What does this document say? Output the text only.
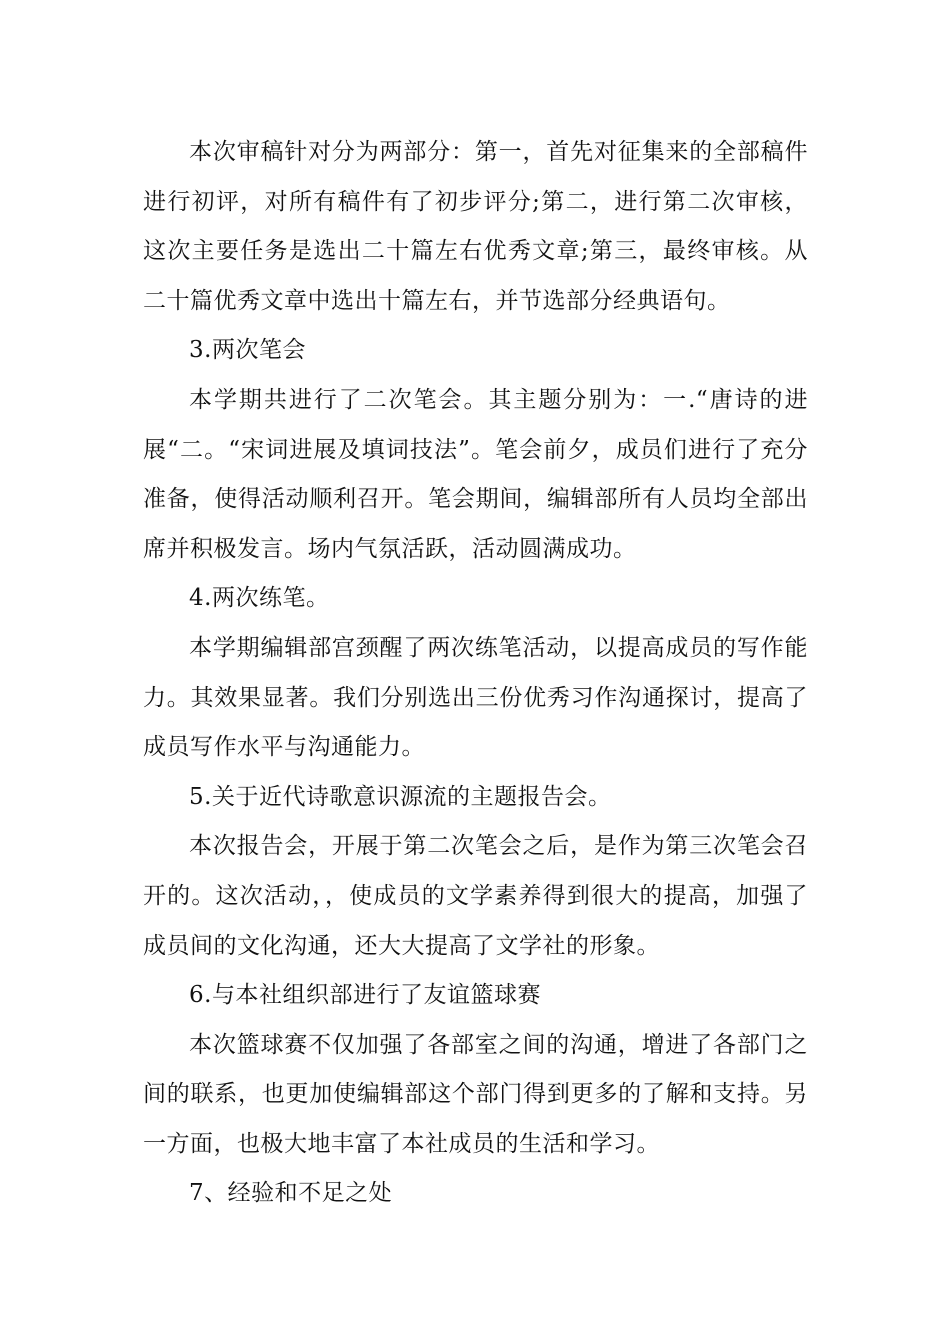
本次审稿针对分为两部分：第一，首先对征集来的全部稿件进行初评，对所有稿件有了初步评分;第二，进行第二次审核，这次主要任务是选出二十篇左右优秀文章;第三，最终审核。从二十篇优秀文章中选出十篇左右，并节选部分经典语句。

3.两次笔会

本学期共进行了二次笔会。其主题分别为：一.“唐诗的进展“二。“宋词进展及填词技法”。笔会前夕，成员们进行了充分准备，使得活动顺利召开。笔会期间，编辑部所有人员均全部出席并积极发言。场内气氛活跃，活动圆满成功。

4.两次练笔。

本学期编辑部宫颈醒了两次练笔活动，以提高成员的写作能力。其效果显著。我们分别选出三份优秀习作沟通探讨，提高了成员写作水平与沟通能力。

5.关于近代诗歌意识源流的主题报告会。

本次报告会，开展于第二次笔会之后，是作为第三次笔会召开的。这次活动，，使成员的文学素养得到很大的提高，加强了成员间的文化沟通，还大大提高了文学社的形象。

6.与本社组织部进行了友谊篮球赛

本次篮球赛不仅加强了各部室之间的沟通，增进了各部门之间的联系，也更加使编辑部这个部门得到更多的了解和支持。另一方面，也极大地丰富了本社成员的生活和学习。

7、经验和不足之处
